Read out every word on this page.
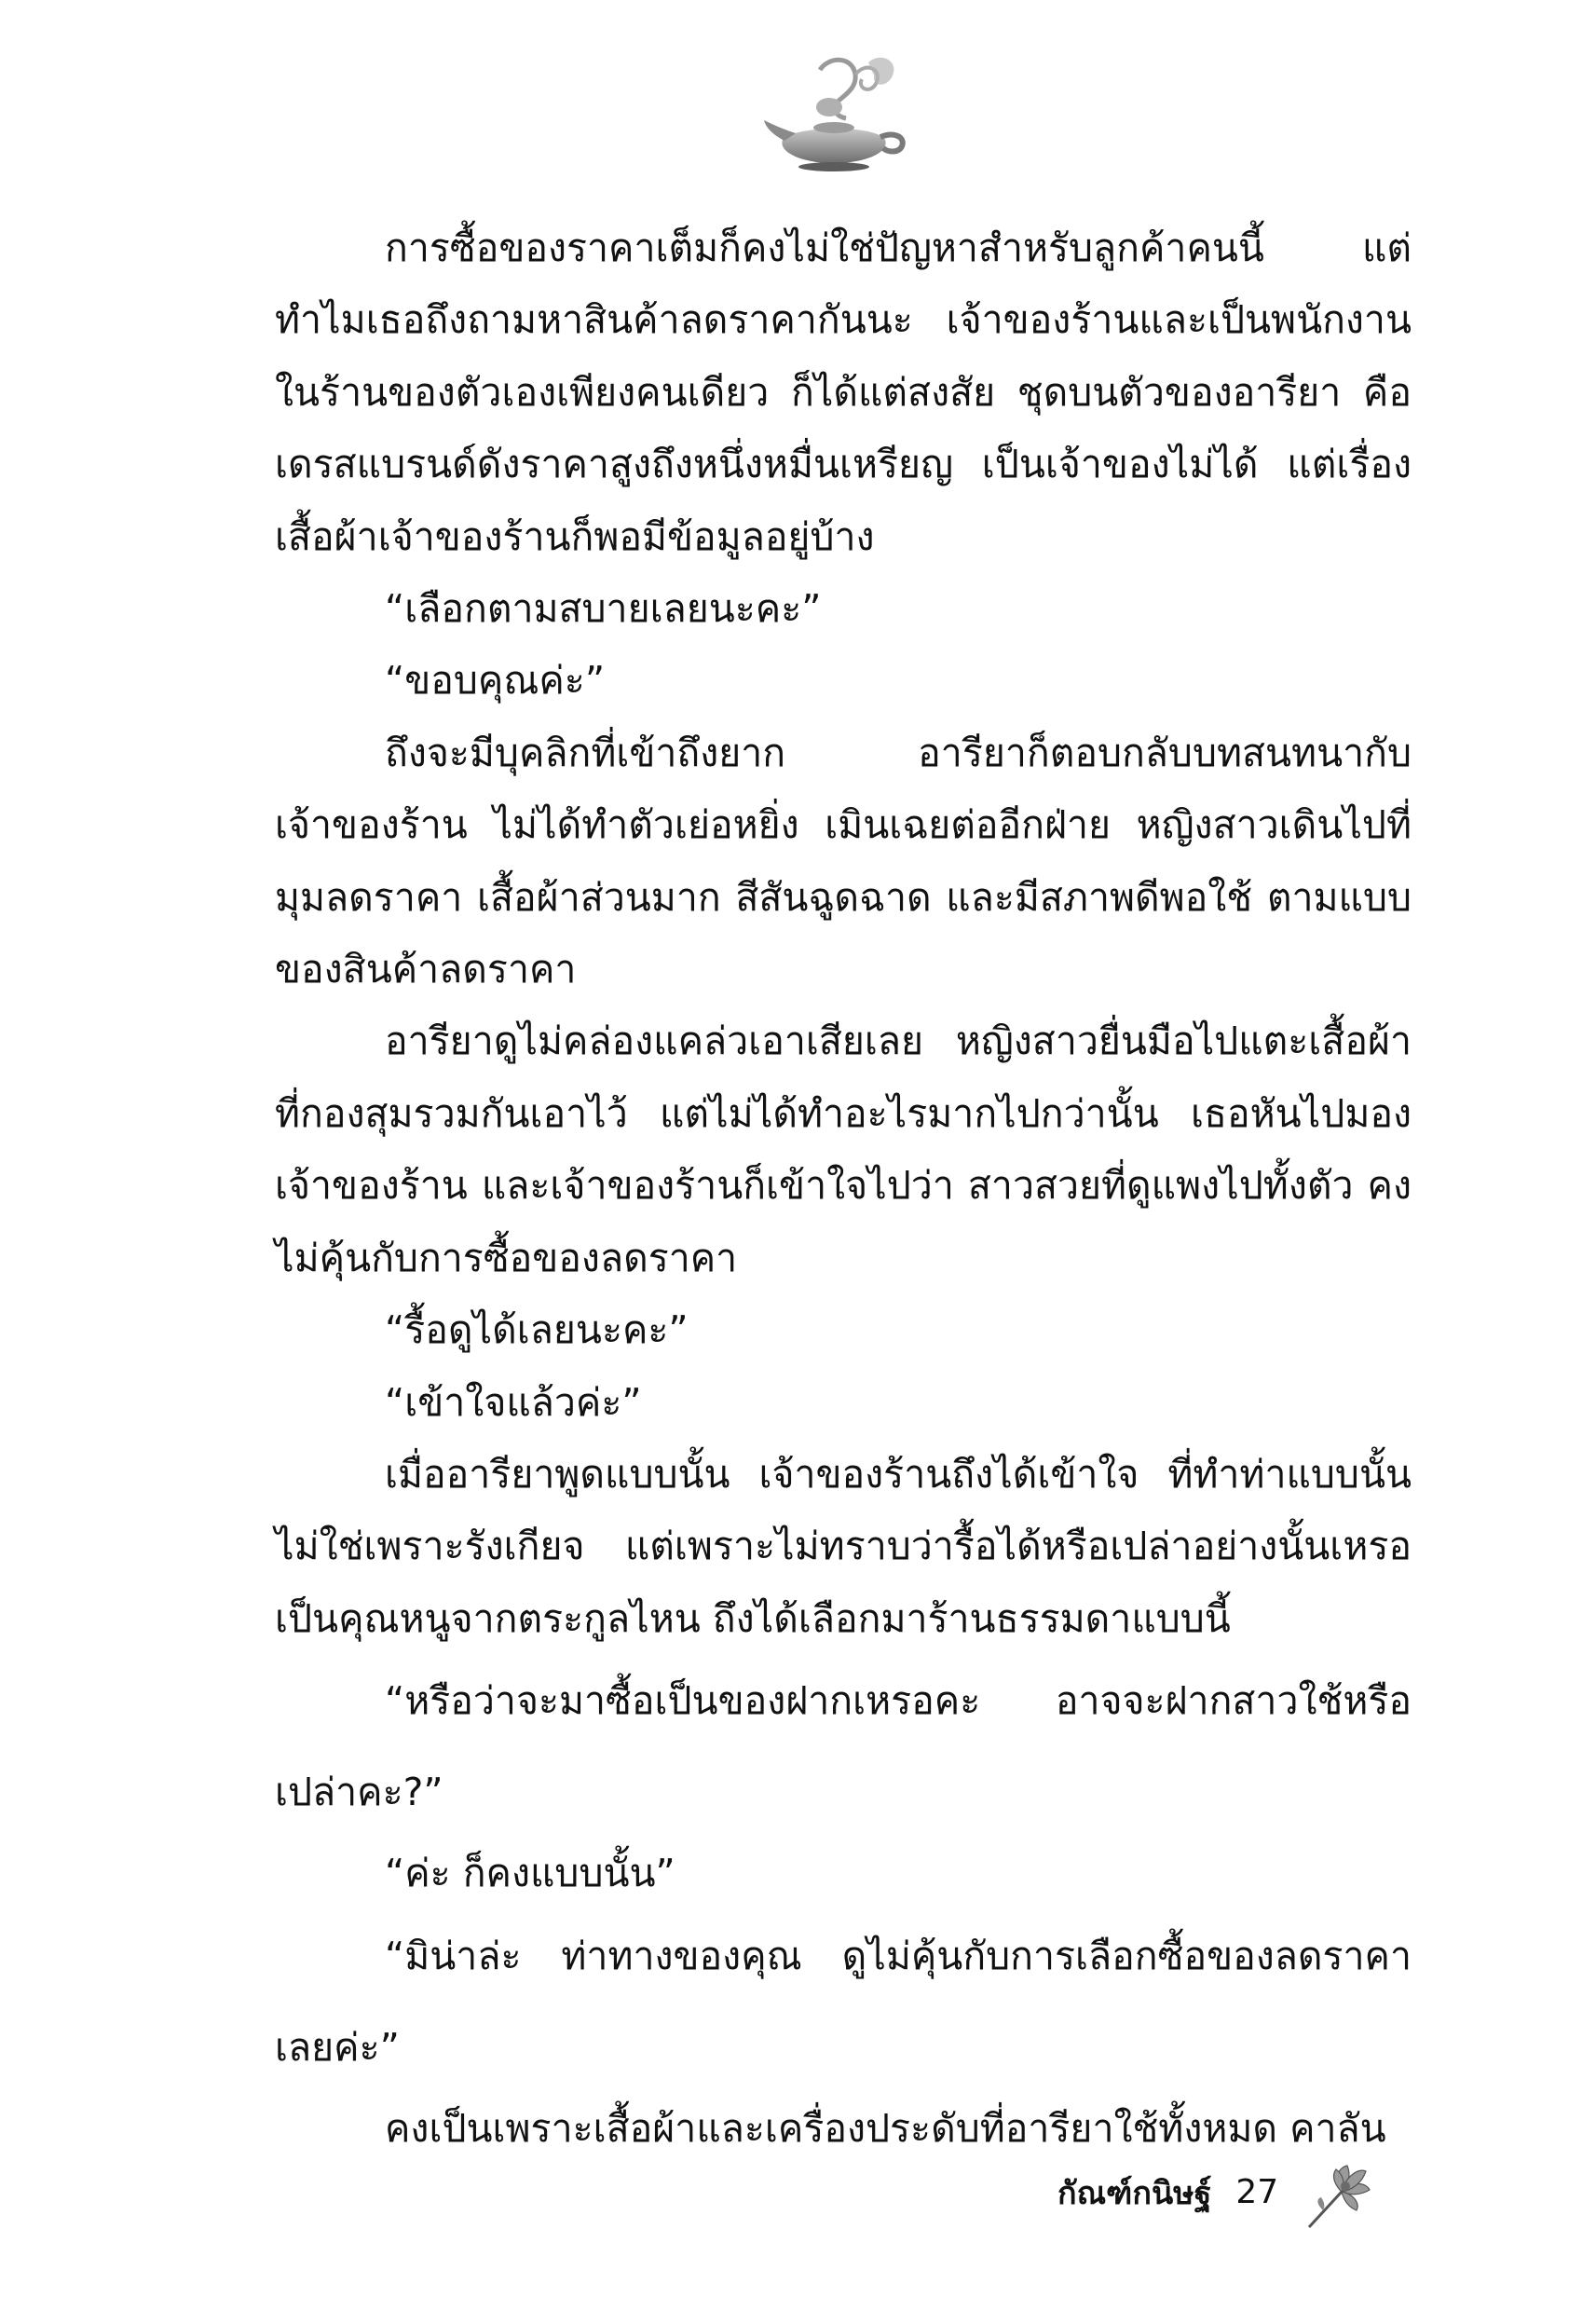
การซื้อของราคาเต็มก็คงไม่ใช่ปัญหาสำหรับลูกค้าคนนี้ แต่ทำไมเธอถึงถามหาสินค้าลดราคากันนะ เจ้าของร้านและเป็นพนักงานในร้านของตัวเองเพียงคนเดียว ก็ได้แต่สงสัย ชุดบนตัวของอารียา คือเดรสแบรนด์ดังราคาสูงถึงหนึ่งหมื่นเหรียญ เป็นเจ้าของไม่ได้ แต่เรื่องเสื้อผ้าเจ้าของร้านก็พอมีข้อมูลอยู่บ้าง

“เลือกตามสบายเลยนะคะ”

“ขอบคุณค่ะ”

ถึงจะมีบุคลิกที่เข้าถึงยาก อารียาก็ตอบกลับบทสนทนากับเจ้าของร้าน ไม่ได้ทำตัวเย่อหยิ่ง เมินเฉยต่ออีกฝ่าย หญิงสาวเดินไปที่มุมลดราคา เสื้อผ้าส่วนมาก สีสันฉูดฉาด และมีสภาพดีพอใช้ ตามแบบของสินค้าลดราคา

อารียาดูไม่คล่องแคล่วเอาเสียเลย หญิงสาวยื่นมือไปแตะเสื้อผ้าที่กองสุมรวมกันเอาไว้ แต่ไม่ได้ทำอะไรมากไปกว่านั้น เธอหันไปมองเจ้าของร้าน และเจ้าของร้านก็เข้าใจไปว่า สาวสวยที่ดูแพงไปทั้งตัว คงไม่คุ้นกับการซื้อของลดราคา

“รื้อดูได้เลยนะคะ”

“เข้าใจแล้วค่ะ”

เมื่ออารียาพูดแบบนั้น เจ้าของร้านถึงได้เข้าใจ ที่ทำท่าแบบนั้นไม่ใช่เพราะรังเกียจ แต่เพราะไม่ทราบว่ารื้อได้หรือเปล่าอย่างนั้นเหรอเป็นคุณหนูจากตระกูลไหน ถึงได้เลือกมาร้านธรรมดาแบบนี้

“หรือว่าจะมาซื้อเป็นของฝากเหรอคะ อาจจะฝากสาวใช้หรือเปล่าคะ?”

“ค่ะ ก็คงแบบนั้น”

“มิน่าล่ะ ท่าทางของคุณ ดูไม่คุ้นกับการเลือกซื้อของลดราคาเลยค่ะ”

คงเป็นเพราะเสื้อผ้าและเครื่องประดับที่อารียาใช้ทั้งหมด คาลัน

กัณฑ์กนิษฐ์ 27
